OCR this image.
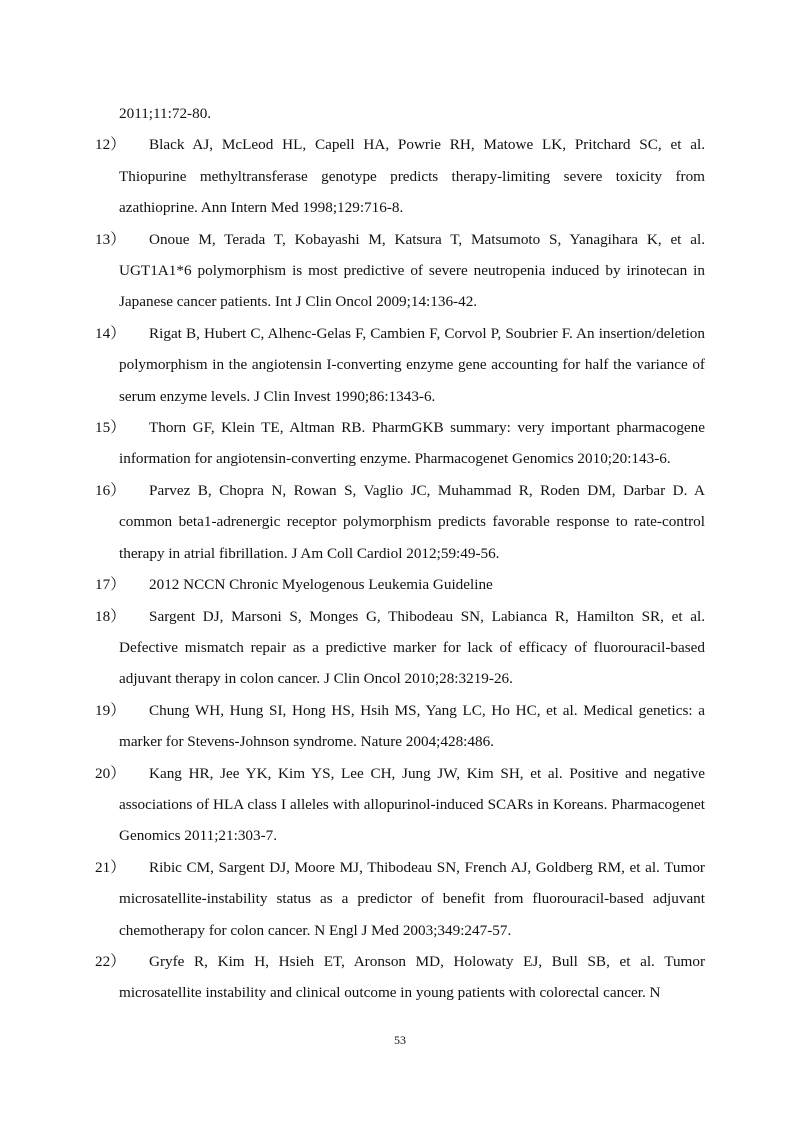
2011;11:72-80.
12）	Black AJ, McLeod HL, Capell HA, Powrie RH, Matowe LK, Pritchard SC, et al. Thiopurine methyltransferase genotype predicts therapy-limiting severe toxicity from azathioprine. Ann Intern Med 1998;129:716-8.
13）	Onoue M, Terada T, Kobayashi M, Katsura T, Matsumoto S, Yanagihara K, et al. UGT1A1*6 polymorphism is most predictive of severe neutropenia induced by irinotecan in Japanese cancer patients. Int J Clin Oncol 2009;14:136-42.
14）	Rigat B, Hubert C, Alhenc-Gelas F, Cambien F, Corvol P, Soubrier F. An insertion/deletion polymorphism in the angiotensin I-converting enzyme gene accounting for half the variance of serum enzyme levels. J Clin Invest 1990;86:1343-6.
15）	Thorn GF, Klein TE, Altman RB. PharmGKB summary: very important pharmacogene information for angiotensin-converting enzyme. Pharmacogenet Genomics 2010;20:143-6.
16）	Parvez B, Chopra N, Rowan S, Vaglio JC, Muhammad R, Roden DM, Darbar D. A common beta1-adrenergic receptor polymorphism predicts favorable response to rate-control therapy in atrial fibrillation. J Am Coll Cardiol 2012;59:49-56.
17）	2012 NCCN Chronic Myelogenous Leukemia Guideline
18）	Sargent DJ, Marsoni S, Monges G, Thibodeau SN, Labianca R, Hamilton SR, et al. Defective mismatch repair as a predictive marker for lack of efficacy of fluorouracil-based adjuvant therapy in colon cancer. J Clin Oncol 2010;28:3219-26.
19）	Chung WH, Hung SI, Hong HS, Hsih MS, Yang LC, Ho HC, et al. Medical genetics: a marker for Stevens-Johnson syndrome. Nature 2004;428:486.
20）	Kang HR, Jee YK, Kim YS, Lee CH, Jung JW, Kim SH, et al. Positive and negative associations of HLA class I alleles with allopurinol-induced SCARs in Koreans. Pharmacogenet Genomics 2011;21:303-7.
21）	Ribic CM, Sargent DJ, Moore MJ, Thibodeau SN, French AJ, Goldberg RM, et al. Tumor microsatellite-instability status as a predictor of benefit from fluorouracil-based adjuvant chemotherapy for colon cancer. N Engl J Med 2003;349:247-57.
22）	Gryfe R, Kim H, Hsieh ET, Aronson MD, Holowaty EJ, Bull SB, et al. Tumor microsatellite instability and clinical outcome in young patients with colorectal cancer. N
53
